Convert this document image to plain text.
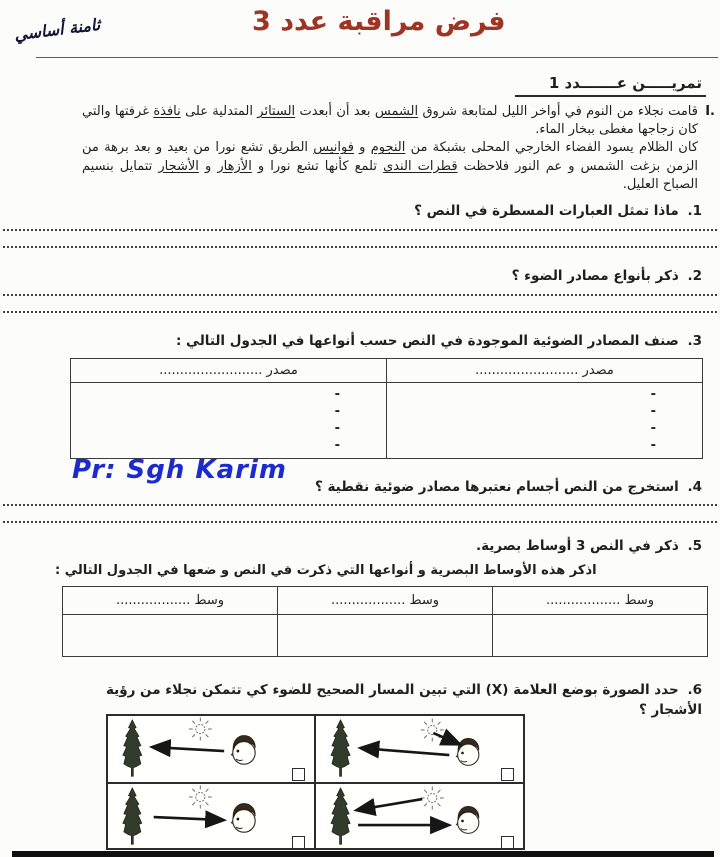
ثامنة أساسي	فرض مراقبة عدد 3
تمريـــــن عـــــــدد 1
I.
قامت نجلاء من النوم في أواخر الليل لمتابعة شروق الشمس بعد أن أبعدت الستائر المتدلية على نافذة غرفتها والتي كان زجاجها مغطى ببخار الماء.
كان الظلام يسود الفضاء الخارجي المحلى بشبكة من النجوم و فوانيس الطريق تشع نورا من بعيد و بعد برهة من الزمن بزغت الشمس و عم النور فلاحظت قطرات الندى تلمع كأنها تشع نورا و الأزهار و الأشجار تتمايل بنسيم الصباح العليل.
1. ماذا تمثل العبارات المسطرة في النص ؟
2. ذكر بأنواع مصادر الضوء ؟
3. صنف المصادر الضوئية الموجودة في النص حسب أنواعها في الجدول التالي :
مصدر .........................	مصدر .........................

-
-
-
-

-
-
-
-
Pr: Sgh Karim
4. استخرج من النص أجسام نعتبرها مصادر ضوئية نقطية ؟
5. ذكر في النص 3 أوساط بصرية.
اذكر هذه الأوساط البصرية و أنواعها التي ذكرت في النص و ضعها في الجدول التالي :
وسط ..................	وسط ..................	وسط ..................

6. حدد الصورة بوضع العلامة (X) التي تبين المسار الصحيح للضوء كي تتمكن نجلاء من رؤية الأشجار ؟
